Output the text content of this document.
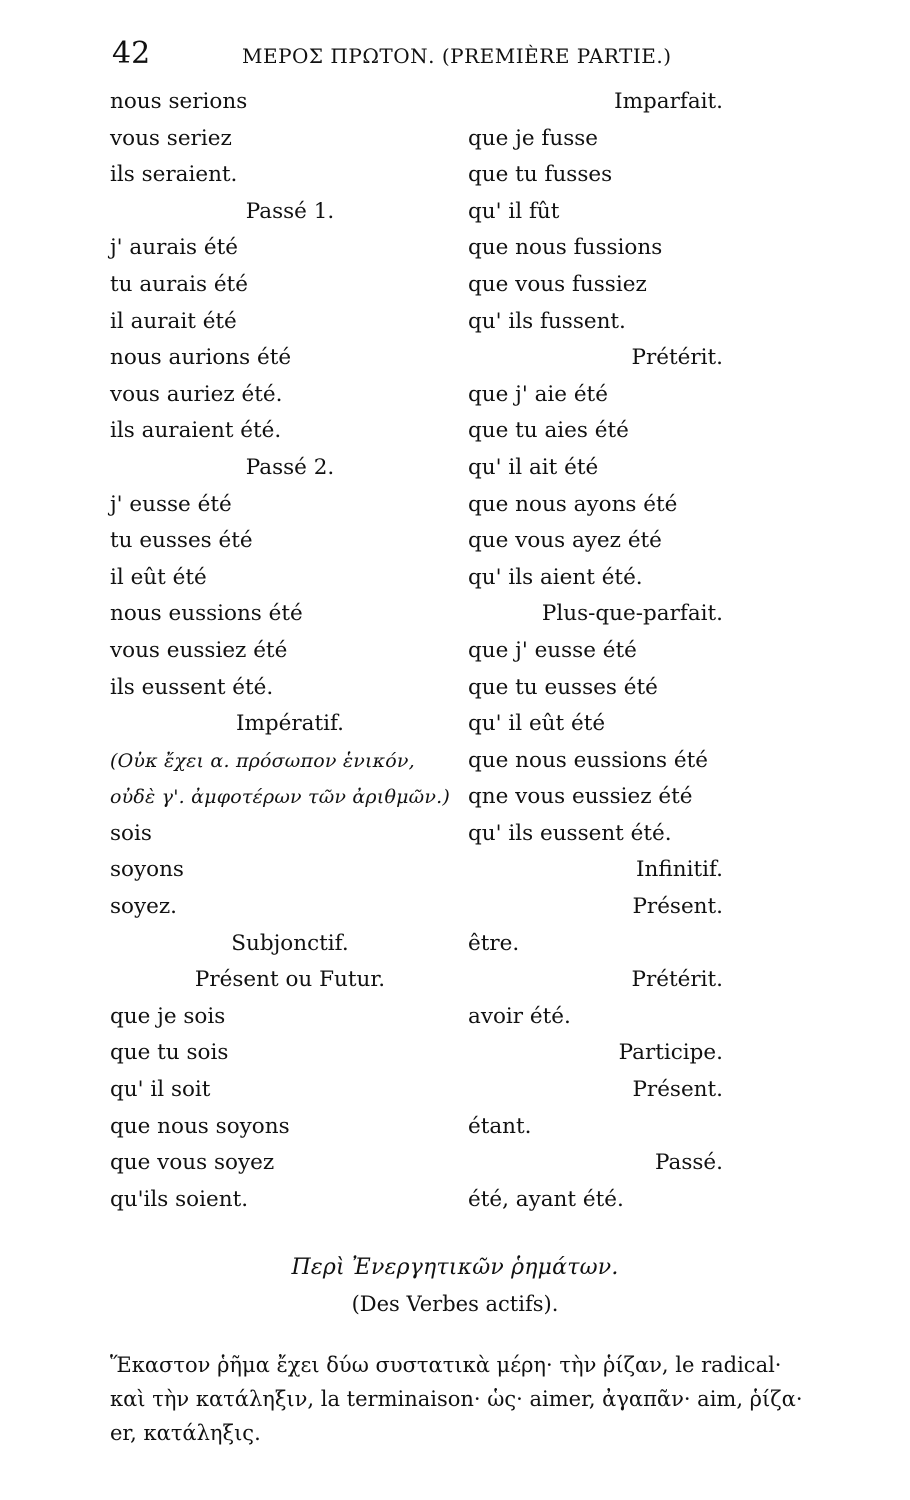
42	ΜΕΡΟΣ ΠΡΩΤΟΝ. (PREMIÈRE PARTIE.)
nous serions
vous seriez
ils seraient.
Passé 1.
j' aurais été
tu aurais été
il aurait été
nous aurions été
vous auriez été.
ils auraient été.
Passé 2.
j' eusse été
tu eusses été
il eût été
nous eussions été
vous eussiez été
ils eussent été.
Impératif.
(Οὐκ ἔχει α. πρόσωπον ἑνικόν,
οὐδὲ γ'. ἀμφοτέρων τῶν ἀριθμῶν.)
sois
soyons
soyez.
Subjonctif.
Présent ou Futur.
que je sois
que tu sois
qu' il soit
que nous soyons
que vous soyez
qu'ils soient.
Imparfait.
que je fusse
que tu fusses
qu' il fût
que nous fussions
que vous fussiez
qu' ils fussent.
Prétérit.
que j' aie été
que tu aies été
qu' il ait été
que nous ayons été
que vous ayez été
qu' ils aient été.
Plus-que-parfait.
que j' eusse été
que tu eusses été
qu' il eût été
que nous eussions été
qne vous eussiez été
qu' ils eussent été.
Infinitif.
Présent.
être.
Prétérit.
avoir été.
Participe.
Présent.
étant.
Passé.
été, ayant été.
Περὶ Ἐνεργητικῶν ῥημάτων.
(Des Verbes actifs).
Ἕκαστον ῥῆμα ἔχει δύω συστατικὰ μέρη· τὴν ῥίζαν, le radical·
καὶ τὴν κατάληξιν, la terminaison· ὡς· aimer, ἀγαπᾶν· aim, ῥίζα·
er, κατάληξις.
